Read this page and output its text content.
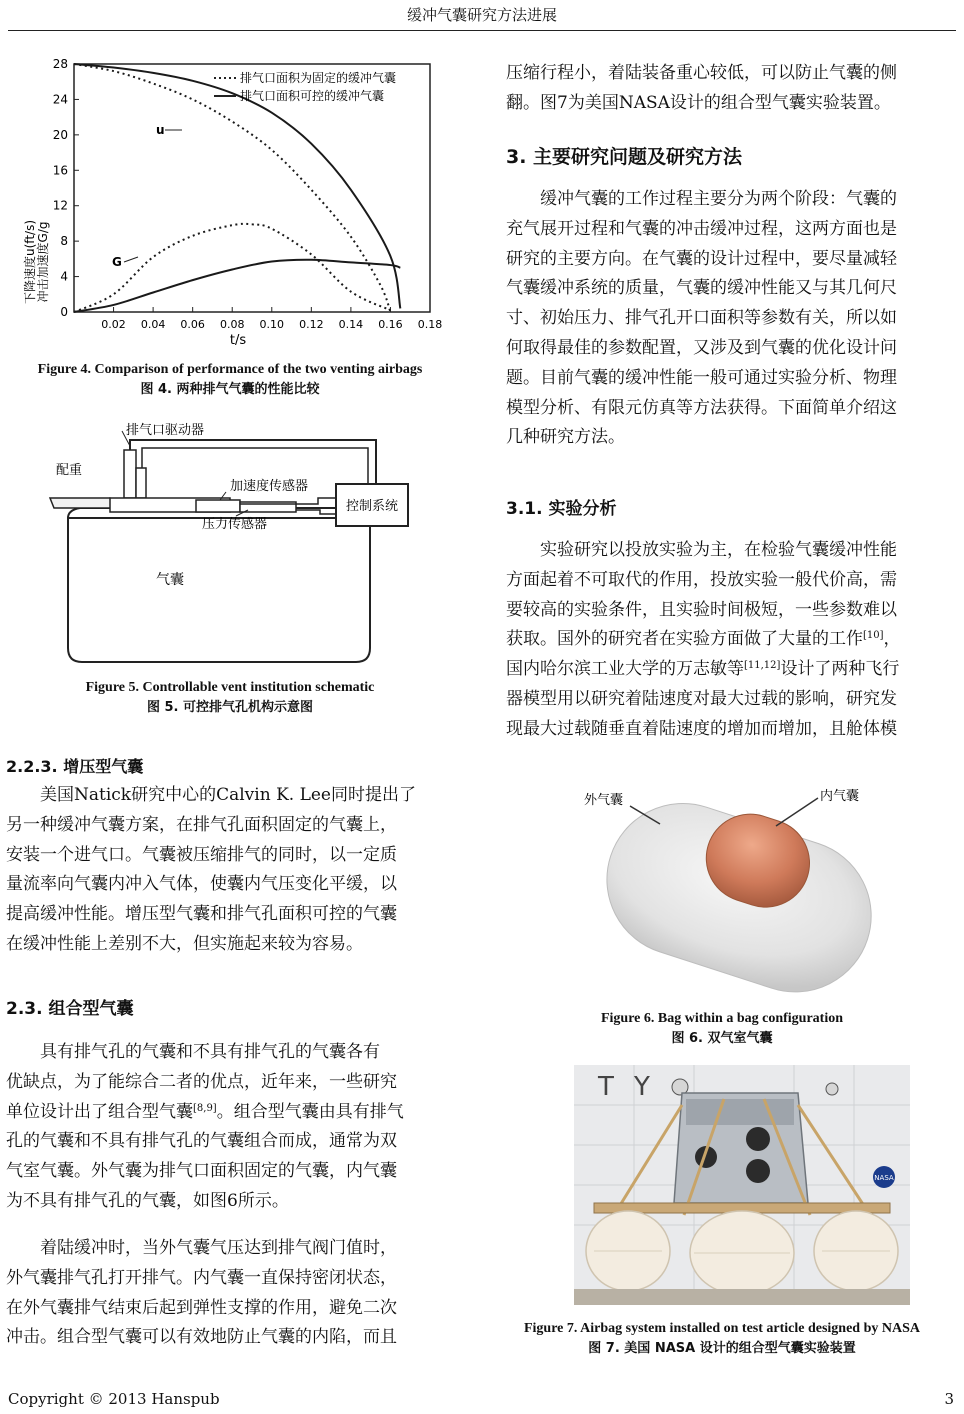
缓冲气囊研究方法进展
Copyright © 2013 Hanspub	3
0.02 0.04 0.06 0.08 0.10 0.12 0.14 0.16 0.18
0
4
8
12
16
20
24
28
t/s
下降速度u(ft/s) 冲击加速度G/g
排气口面积为固定的缓冲气囊
排气口面积可控的缓冲气囊
u
G
Figure 4. Comparison of performance of the two venting airbags
图 4. 两种排气气囊的性能比较
排气口驱动器
配重
加速度传感器
压力传感器
控制系统
气囊
Figure 5. Controllable vent institution schematic
图 5. 可控排气孔机构示意图
2.2.3. 增压型气囊
美国Natick研究中心的Calvin K. Lee同时提出了
另一种缓冲气囊方案，在排气孔面积固定的气囊上，
安装一个进气口。气囊被压缩排气的同时，以一定质
量流率向气囊内冲入气体，使囊内气压变化平缓，以
提高缓冲性能。增压型气囊和排气孔面积可控的气囊
在缓冲性能上差别不大，但实施起来较为容易。
2.3. 组合型气囊
具有排气孔的气囊和不具有排气孔的气囊各有
优缺点，为了能综合二者的优点，近年来，一些研究
单位设计出了组合型气囊[8,9]。组合型气囊由具有排气
孔的气囊和不具有排气孔的气囊组合而成，通常为双
气室气囊。外气囊为排气口面积固定的气囊，内气囊
为不具有排气孔的气囊，如图6所示。
着陆缓冲时，当外气囊气压达到排气阀门值时，
外气囊排气孔打开排气。内气囊一直保持密闭状态，
在外气囊排气结束后起到弹性支撑的作用，避免二次
冲击。组合型气囊可以有效地防止气囊的内陷，而且
压缩行程小，着陆装备重心较低，可以防止气囊的侧
翻。图7为美国NASA设计的组合型气囊实验装置。
3. 主要研究问题及研究方法
缓冲气囊的工作过程主要分为两个阶段：气囊的
充气展开过程和气囊的冲击缓冲过程，这两方面也是
研究的主要方向。在气囊的设计过程中，要尽量减轻
气囊缓冲系统的质量，气囊的缓冲性能又与其几何尺
寸、初始压力、排气孔开口面积等参数有关，所以如
何取得最佳的参数配置，又涉及到气囊的优化设计问
题。目前气囊的缓冲性能一般可通过实验分析、物理
模型分析、有限元仿真等方法获得。下面简单介绍这
几种研究方法。
3.1. 实验分析
实验研究以投放实验为主，在检验气囊缓冲性能
方面起着不可取代的作用，投放实验一般代价高，需
要较高的实验条件，且实验时间极短，一些参数难以
获取。国外的研究者在实验方面做了大量的工作[10]，
国内哈尔滨工业大学的万志敏等[11,12]设计了两种飞行
器模型用以研究着陆速度对最大过载的影响，研究发
现最大过载随垂直着陆速度的增加而增加，且舱体模
外气囊	内气囊
Figure 6. Bag within a bag configuration
图 6. 双气室气囊
T Y
NASA
Figure 7. Airbag system installed on test article designed by NASA
图 7. 美国 NASA 设计的组合型气囊实验装置
